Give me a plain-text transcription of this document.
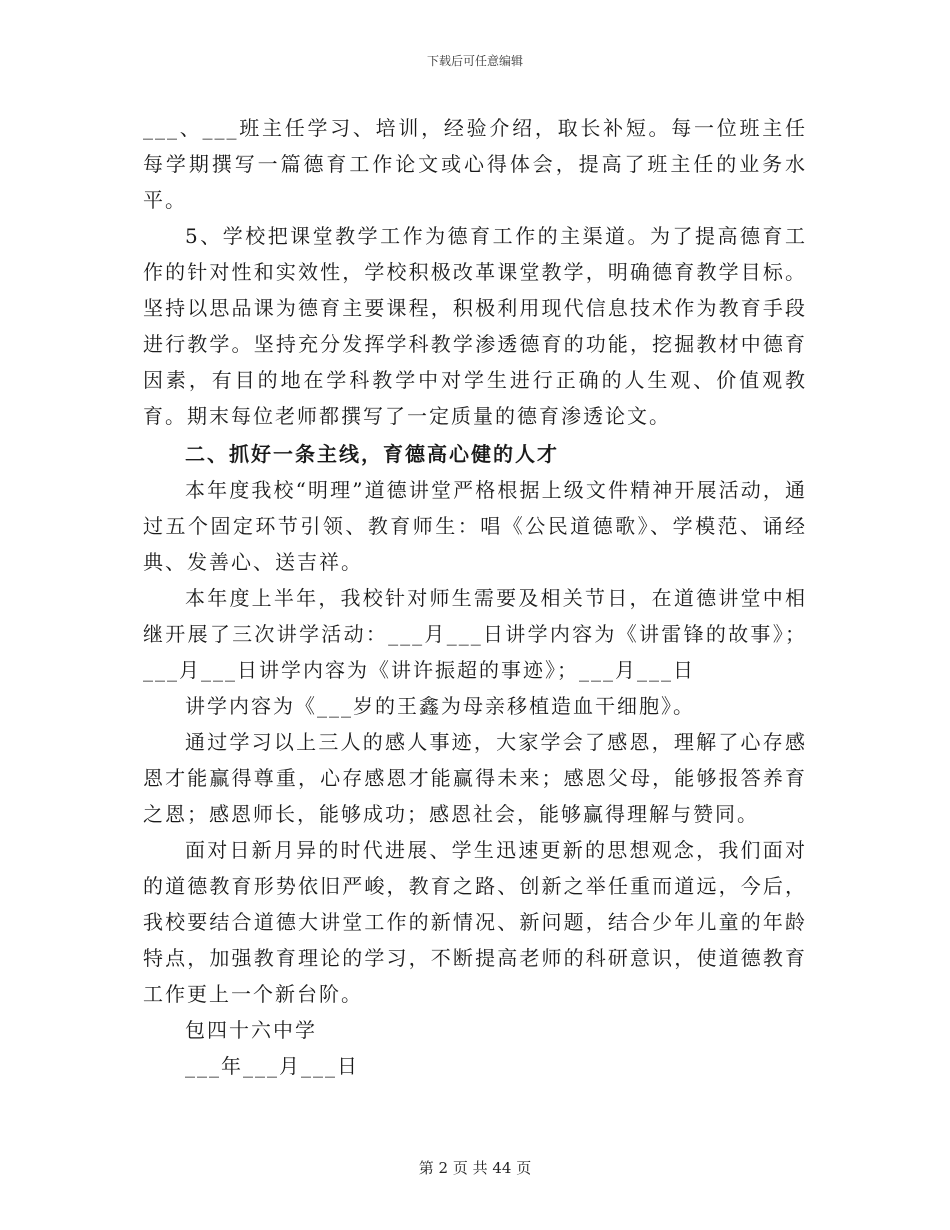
下载后可任意编辑

___、___班主任学习、培训，经验介绍，取长补短。每一位班主任每学期撰写一篇德育工作论文或心得体会，提高了班主任的业务水平。

5、学校把课堂教学工作为德育工作的主渠道。为了提高德育工作的针对性和实效性，学校积极改革课堂教学，明确德育教学目标。坚持以思品课为德育主要课程，积极利用现代信息技术作为教育手段进行教学。坚持充分发挥学科教学渗透德育的功能，挖掘教材中德育因素，有目的地在学科教学中对学生进行正确的人生观、价值观教育。期末每位老师都撰写了一定质量的德育渗透论文。

二、抓好一条主线，育德高心健的人才

本年度我校“明理”道德讲堂严格根据上级文件精神开展活动，通过五个固定环节引领、教育师生：唱《公民道德歌》、学模范、诵经典、发善心、送吉祥。

本年度上半年，我校针对师生需要及相关节日，在道德讲堂中相继开展了三次讲学活动：___月___日讲学内容为《讲雷锋的故事》；___月___日讲学内容为《讲许振超的事迹》；___月___日

讲学内容为《___岁的王鑫为母亲移植造血干细胞》。

通过学习以上三人的感人事迹，大家学会了感恩，理解了心存感恩才能赢得尊重，心存感恩才能赢得未来；感恩父母，能够报答养育之恩；感恩师长，能够成功；感恩社会，能够赢得理解与赞同。

面对日新月异的时代进展、学生迅速更新的思想观念，我们面对的道德教育形势依旧严峻，教育之路、创新之举任重而道远，今后，我校要结合道德大讲堂工作的新情况、新问题，结合少年儿童的年龄特点，加强教育理论的学习，不断提高老师的科研意识，使道德教育工作更上一个新台阶。

包四十六中学

___年___月___日

第 2 页 共 44 页
